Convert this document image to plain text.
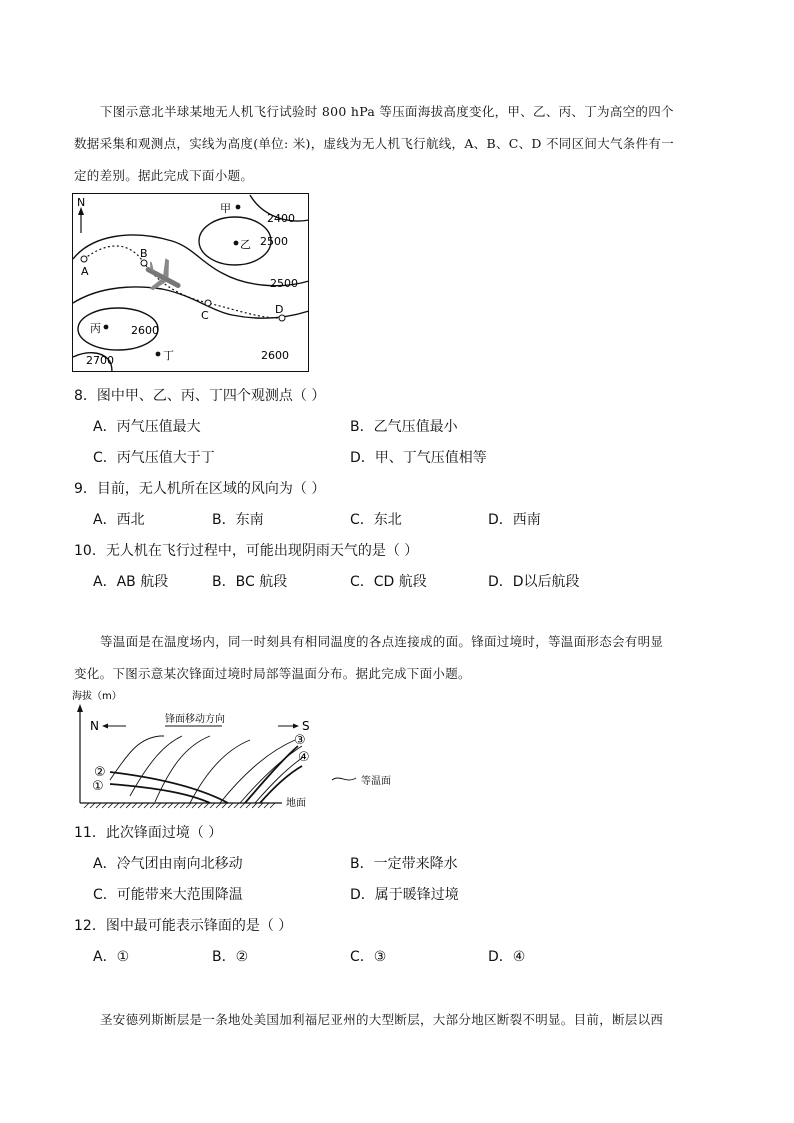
下图示意北半球某地无人机飞行试验时 800 hPa 等压面海拔高度变化，甲、乙、丙、丁为高空的四个
数据采集和观测点，实线为高度(单位: 米)，虚线为无人机飞行航线，A、B、C、D 不同区间大气条件有一
定的差别。据此完成下面小题。
N
A
B
C	D
甲
乙
丙
丁
2400
2500
2500
2600
2600
2700
8．图中甲、乙、丙、丁四个观测点（ ）
A．丙气压值最大	B．乙气压值最小
C．丙气压值大于丁	D．甲、丁气压值相等
9．目前，无人机所在区域的风向为（ ）
A．西北	B．东南	C．东北	D．西南
10．无人机在飞行过程中，可能出现阴雨天气的是（ ）
A．AB 航段	B．BC 航段	C．CD 航段	D．D以后航段
等温面是在温度场内，同一时刻具有相同温度的各点连接成的面。锋面过境时，等温面形态会有明显
变化。下图示意某次锋面过境时局部等温面分布。据此完成下面小题。
海拔（m）
地面
N	S
锋面移动方向
②
①
③
④
等温面
11．此次锋面过境（ ）
A．冷气团由南向北移动	B．一定带来降水
C．可能带来大范围降温	D．属于暖锋过境
12．图中最可能表示锋面的是（ ）
A．①	B．②	C．③	D．④
圣安德列斯断层是一条地处美国加利福尼亚州的大型断层，大部分地区断裂不明显。目前，断层以西
